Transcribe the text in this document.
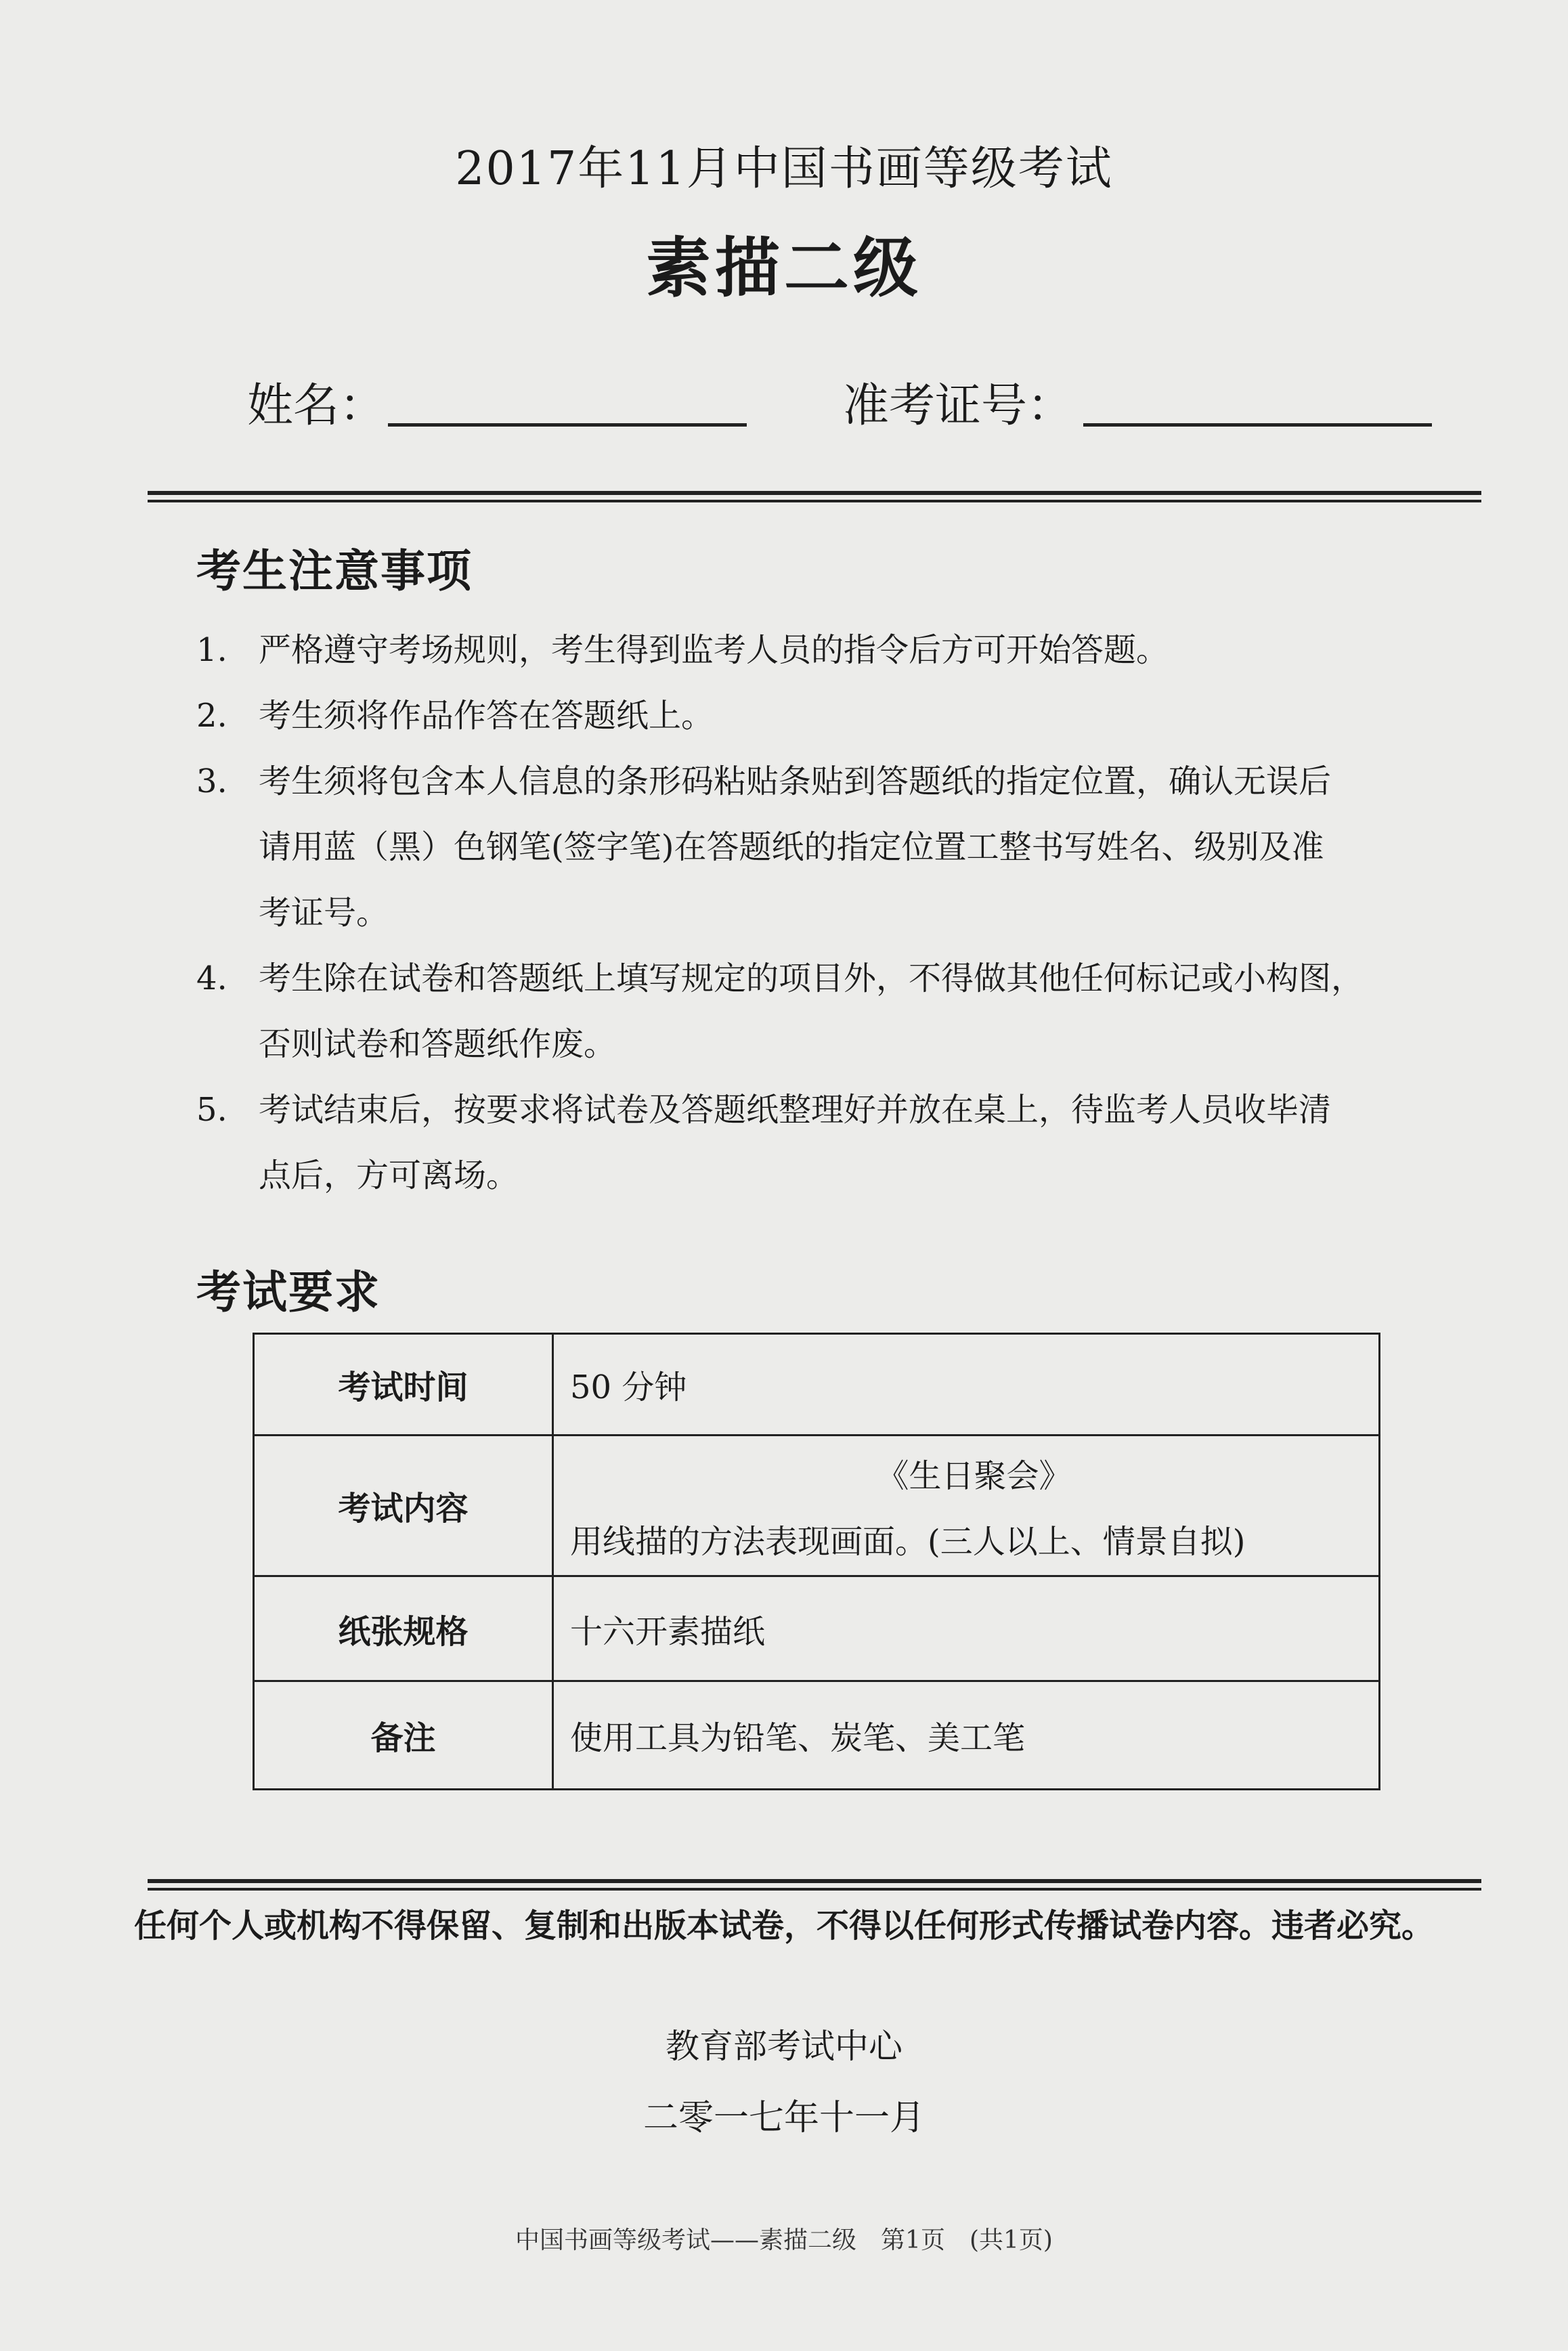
2017年11月中国书画等级考试
素描二级
姓名：	准考证号：
考生注意事项
1. 严格遵守考场规则，考生得到监考人员的指令后方可开始答题。
2. 考生须将作品作答在答题纸上。
3. 考生须将包含本人信息的条形码粘贴条贴到答题纸的指定位置，确认无误后
请用蓝（黑）色钢笔(签字笔)在答题纸的指定位置工整书写姓名、级别及准
考证号。
4. 考生除在试卷和答题纸上填写规定的项目外，不得做其他任何标记或小构图，
否则试卷和答题纸作废。
5. 考试结束后，按要求将试卷及答题纸整理好并放在桌上，待监考人员收毕清
点后，方可离场。
考试要求
考试时间	50 分钟
考试内容	《生日聚会》
用线描的方法表现画面。(三人以上、情景自拟)

纸张规格	十六开素描纸
备注	使用工具为铅笔、炭笔、美工笔
任何个人或机构不得保留、复制和出版本试卷，不得以任何形式传播试卷内容。违者必究。
教育部考试中心
二零一七年十一月
中国书画等级考试——素描二级　第1页　(共1页)
